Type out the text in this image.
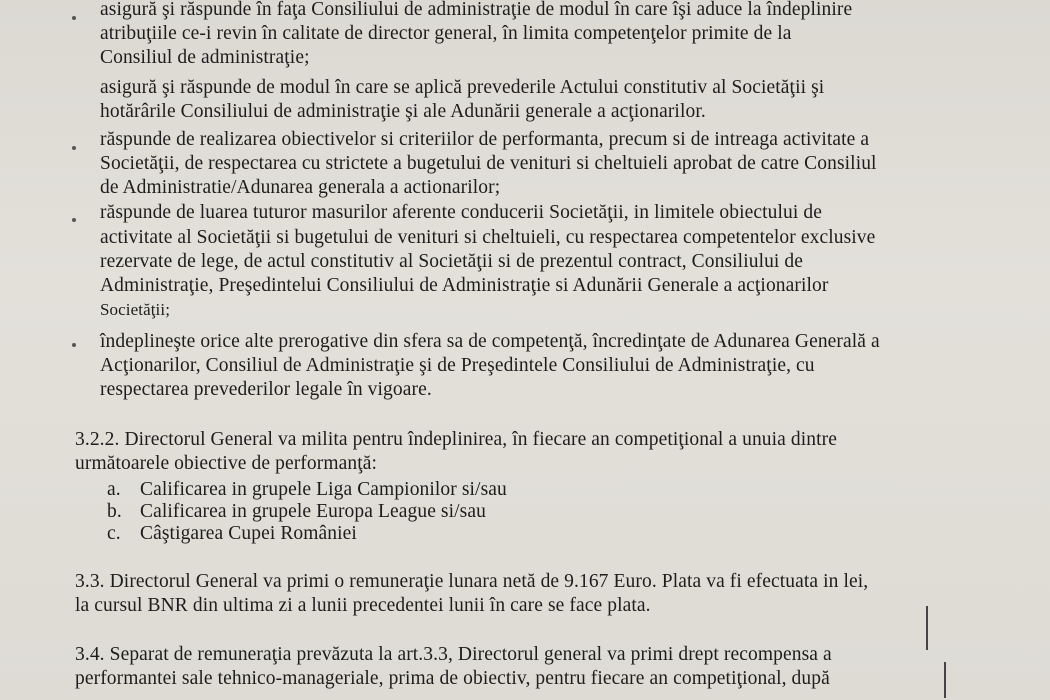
asigură şi răspunde în faţa Consiliului de administraţie de modul în care îşi aduce la îndeplinire
atribuţiile ce-i revin în calitate de director general, în limita competenţelor primite de la
Consiliul de administraţie;
asigură şi răspunde de modul în care se aplică prevederile Actului constitutiv al Societăţii şi
hotărârile Consiliului de administraţie şi ale Adunării generale a acţionarilor.
răspunde de realizarea obiectivelor si criteriilor de performanta, precum si de intreaga activitate a
Societăţii, de respectarea cu strictete a bugetului de venituri si cheltuieli aprobat de catre Consiliul
de Administratie/Adunarea generala a actionarilor;
răspunde de luarea tuturor masurilor aferente conducerii Societăţii, in limitele obiectului de
activitate al Societăţii si bugetului de venituri si cheltuieli, cu respectarea competentelor exclusive
rezervate de lege, de actul constitutiv al Societăţii si de prezentul contract, Consiliului de
Administraţie, Preşedintelui Consiliului de Administraţie si Adunării Generale a acţionarilor
Societăţii;
îndeplineşte orice alte prerogative din sfera sa de competenţă, încredinţate de Adunarea Generală a
Acţionarilor, Consiliul de Administraţie şi de Preşedintele Consiliului de Administraţie, cu
respectarea prevederilor legale în vigoare.
3.2.2. Directorul General va milita pentru îndeplinirea, în fiecare an competiţional a unuia dintre
următoarele obiective de performanţă:
a. Calificarea in grupele Liga Campionilor si/sau
b. Calificarea in grupele Europa League si/sau
c. Câştigarea Cupei României
3.3. Directorul General va primi o remuneraţie lunara netă de 9.167 Euro. Plata va fi efectuata in lei,
la cursul BNR din ultima zi a lunii precedentei lunii în care se face plata.
3.4. Separat de remuneraţia prevăzuta la art.3.3, Directorul general va primi drept recompensa a
performantei sale tehnico-manageriale, prima de obiectiv, pentru fiecare an competiţional, după
